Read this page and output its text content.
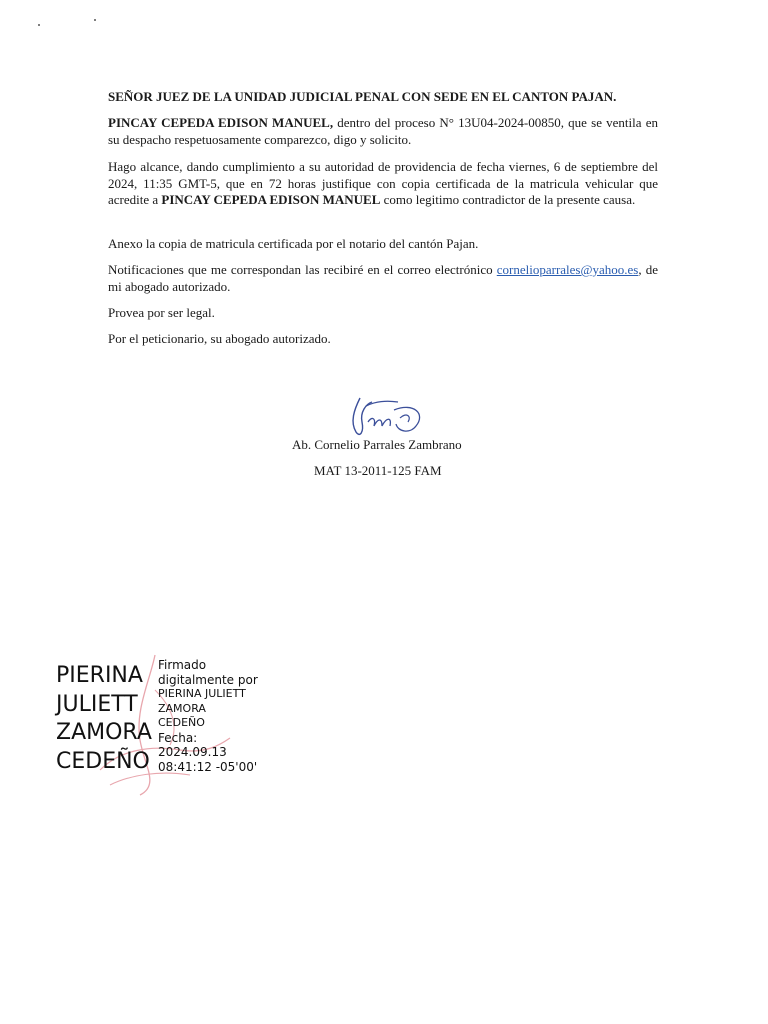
SEÑOR JUEZ DE LA UNIDAD JUDICIAL PENAL CON SEDE EN EL CANTON PAJAN.
PINCAY CEPEDA EDISON MANUEL, dentro del proceso N° 13U04-2024-00850, que se ventila en su despacho respetuosamente comparezco, digo y solicito.
Hago alcance, dando cumplimiento a su autoridad de providencia de fecha viernes, 6 de septiembre del 2024, 11:35 GMT-5, que en 72 horas justifique con copia certificada de la matricula vehicular que acredite a PINCAY CEPEDA EDISON MANUEL como legitimo contradictor de la presente causa.
Anexo la copia de matricula certificada por el notario del cantón Pajan.
Notificaciones que me correspondan las recibiré en el correo electrónico cornelioparrales@yahoo.es, de mi abogado autorizado.
Provea por ser legal.
Por el peticionario, su abogado autorizado.
Ab. Cornelio Parrales Zambrano
MAT 13-2011-125 FAM
PIERINA
JULIETT
ZAMORA
CEDEÑO
Firmado
digitalmente por
PIERINA JULIETT
ZAMORA
CEDEÑO
Fecha:
2024.09.13
08:41:12 -05'00'
